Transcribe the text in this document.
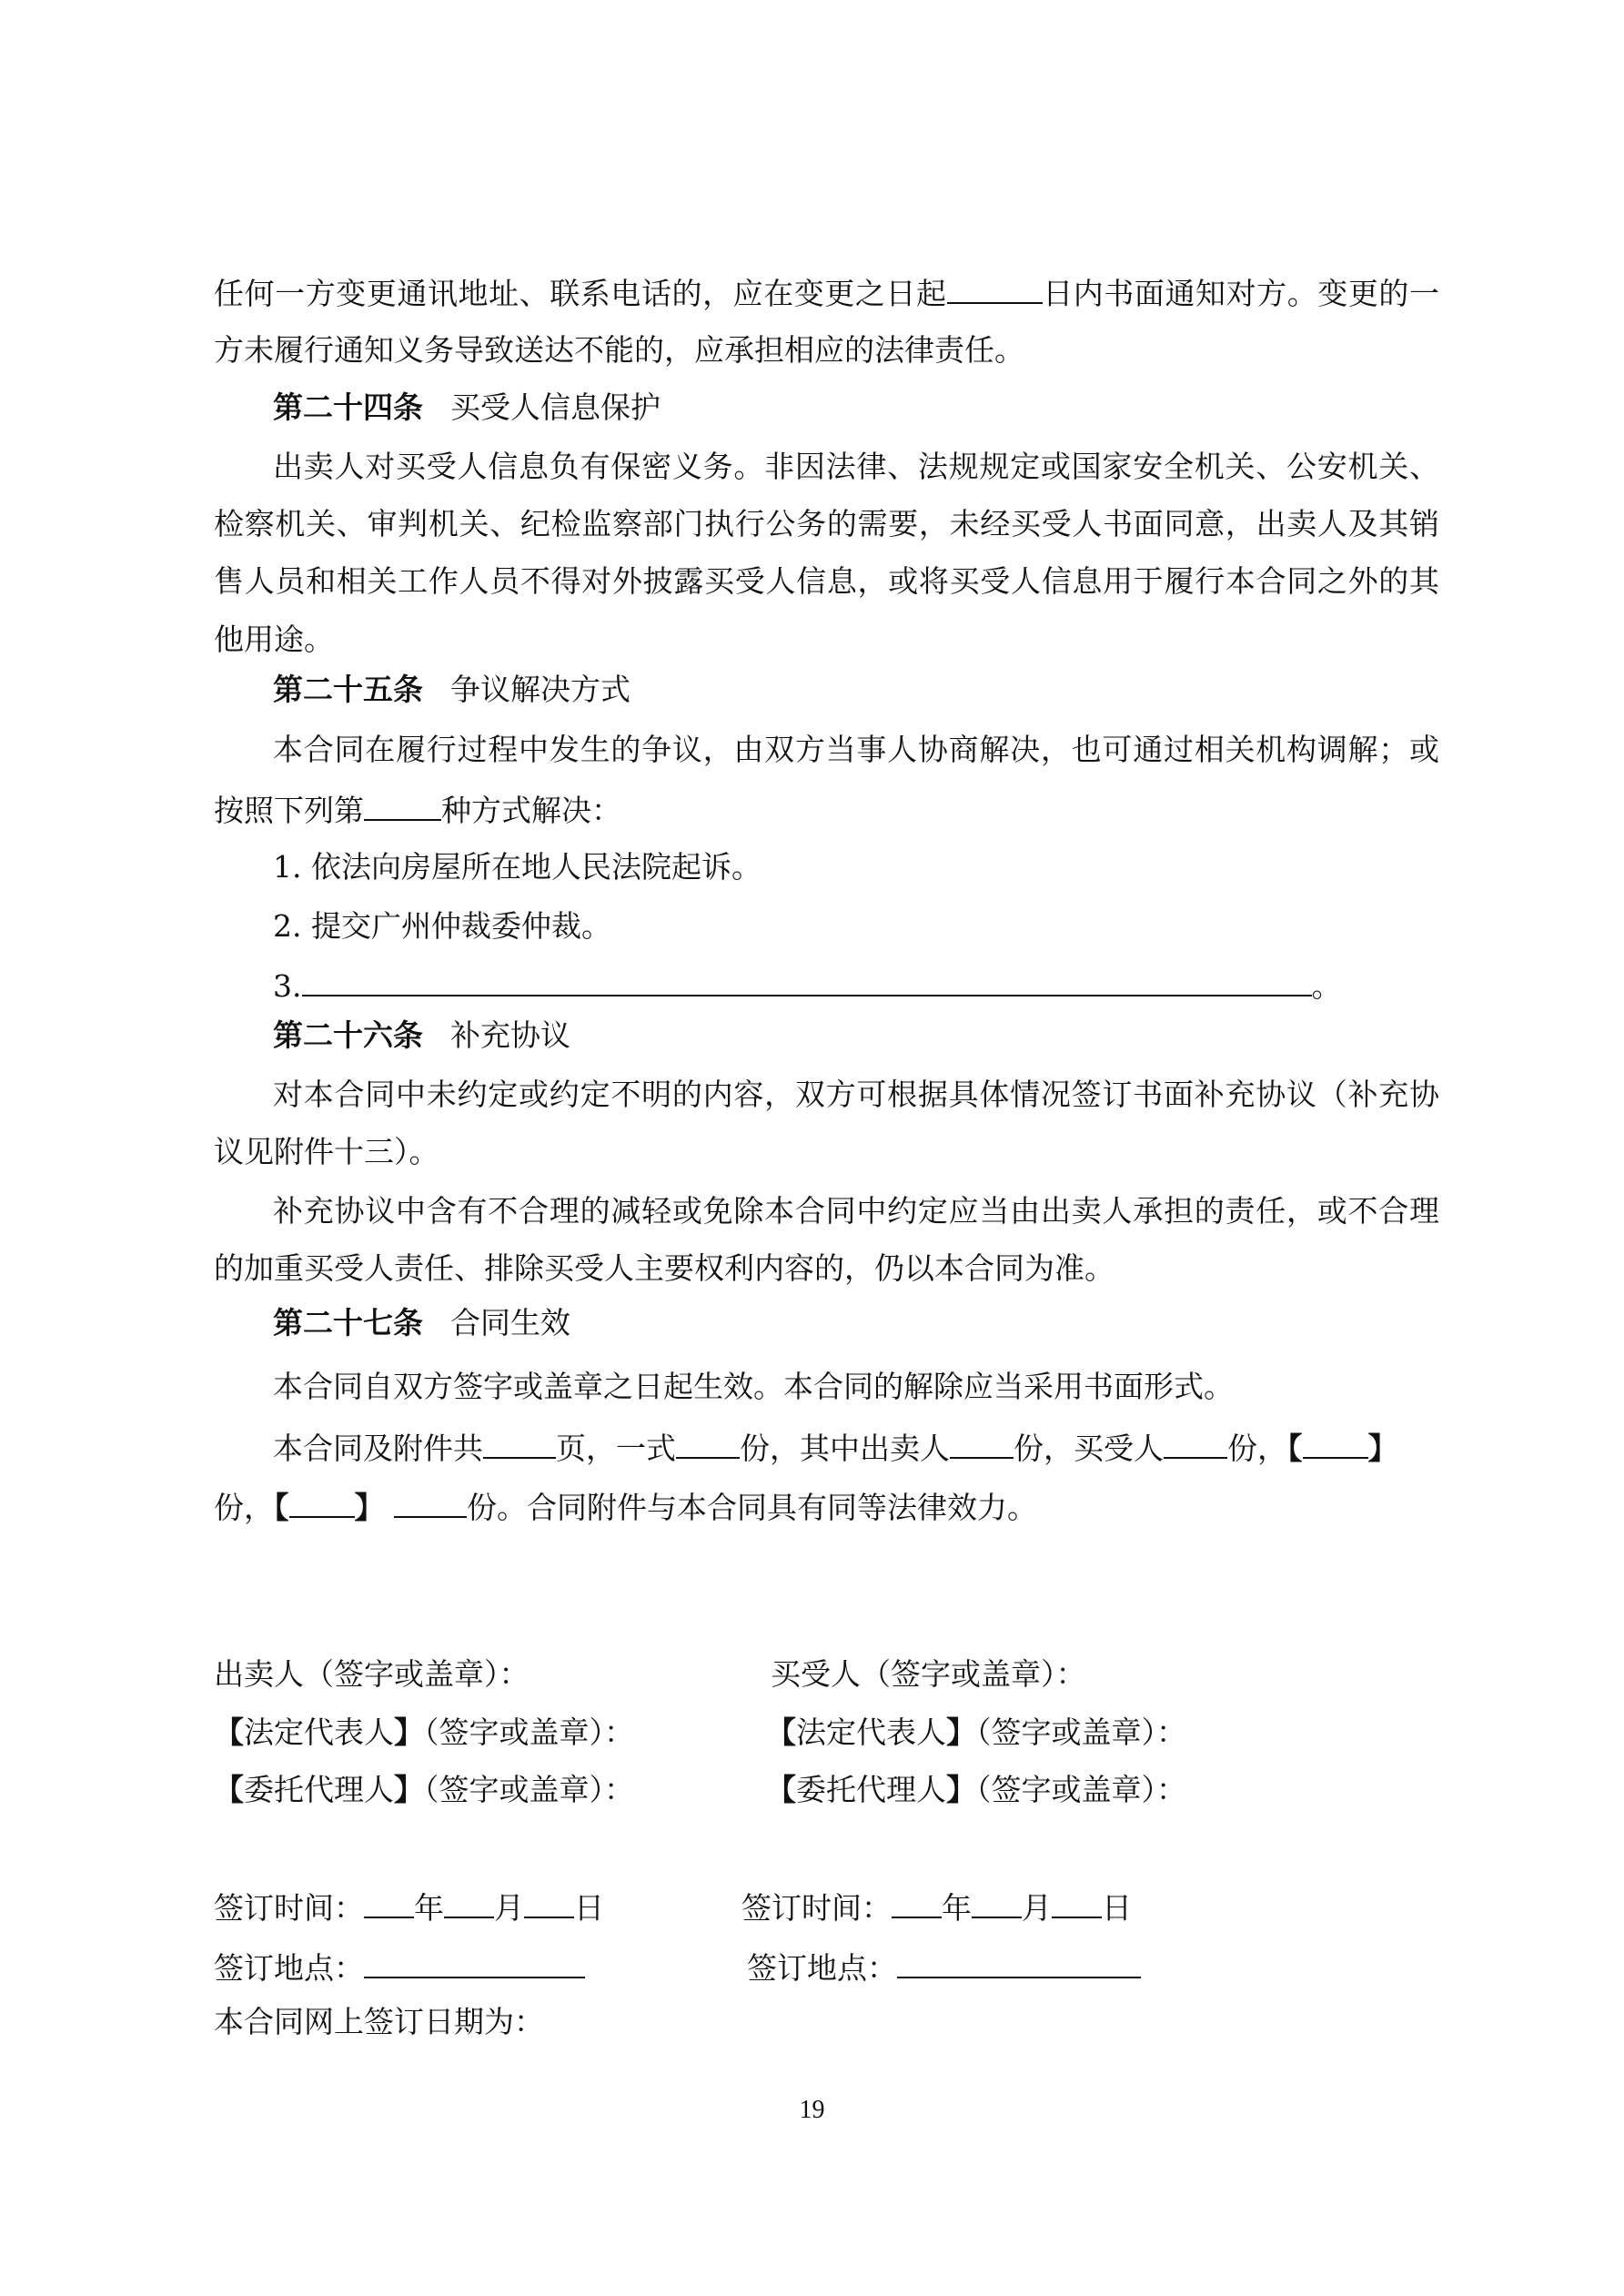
任何一方变更通讯地址、联系电话的，应在变更之日起	日内书面通知对方。变更的一
方未履行通知义务导致送达不能的，应承担相应的法律责任。
第二十四条 买受人信息保护
出卖人对买受人信息负有保密义务。非因法律、法规规定或国家安全机关、公安机关、
检察机关、审判机关、纪检监察部门执行公务的需要，未经买受人书面同意，出卖人及其销
售人员和相关工作人员不得对外披露买受人信息，或将买受人信息用于履行本合同之外的其
他用途。
第二十五条 争议解决方式
本合同在履行过程中发生的争议，由双方当事人协商解决，也可通过相关机构调解；或
按照下列第	种方式解决：
1. 依法向房屋所在地人民法院起诉。
2. 提交广州仲裁委仲裁。
3.	。
第二十六条 补充协议
对本合同中未约定或约定不明的内容，双方可根据具体情况签订书面补充协议（补充协
议见附件十三）。
补充协议中含有不合理的减轻或免除本合同中约定应当由出卖人承担的责任，或不合理
的加重买受人责任、排除买受人主要权利内容的，仍以本合同为准。
第二十七条 合同生效
本合同自双方签字或盖章之日起生效。本合同的解除应当采用书面形式。
本合同及附件共 页，一式 份，其中出卖人 份，买受人 份，【 】
份，【 】	份。合同附件与本合同具有同等法律效力。
出卖人（签字或盖章）：	买受人（签字或盖章）：
【法定代表人】（签字或盖章）：	【法定代表人】（签字或盖章）：
【委托代理人】（签字或盖章）：	【委托代理人】（签字或盖章）：
签订时间： 年 月 日	签订时间： 年 月 日
签订地点：	签订地点：
本合同网上签订日期为：
19
